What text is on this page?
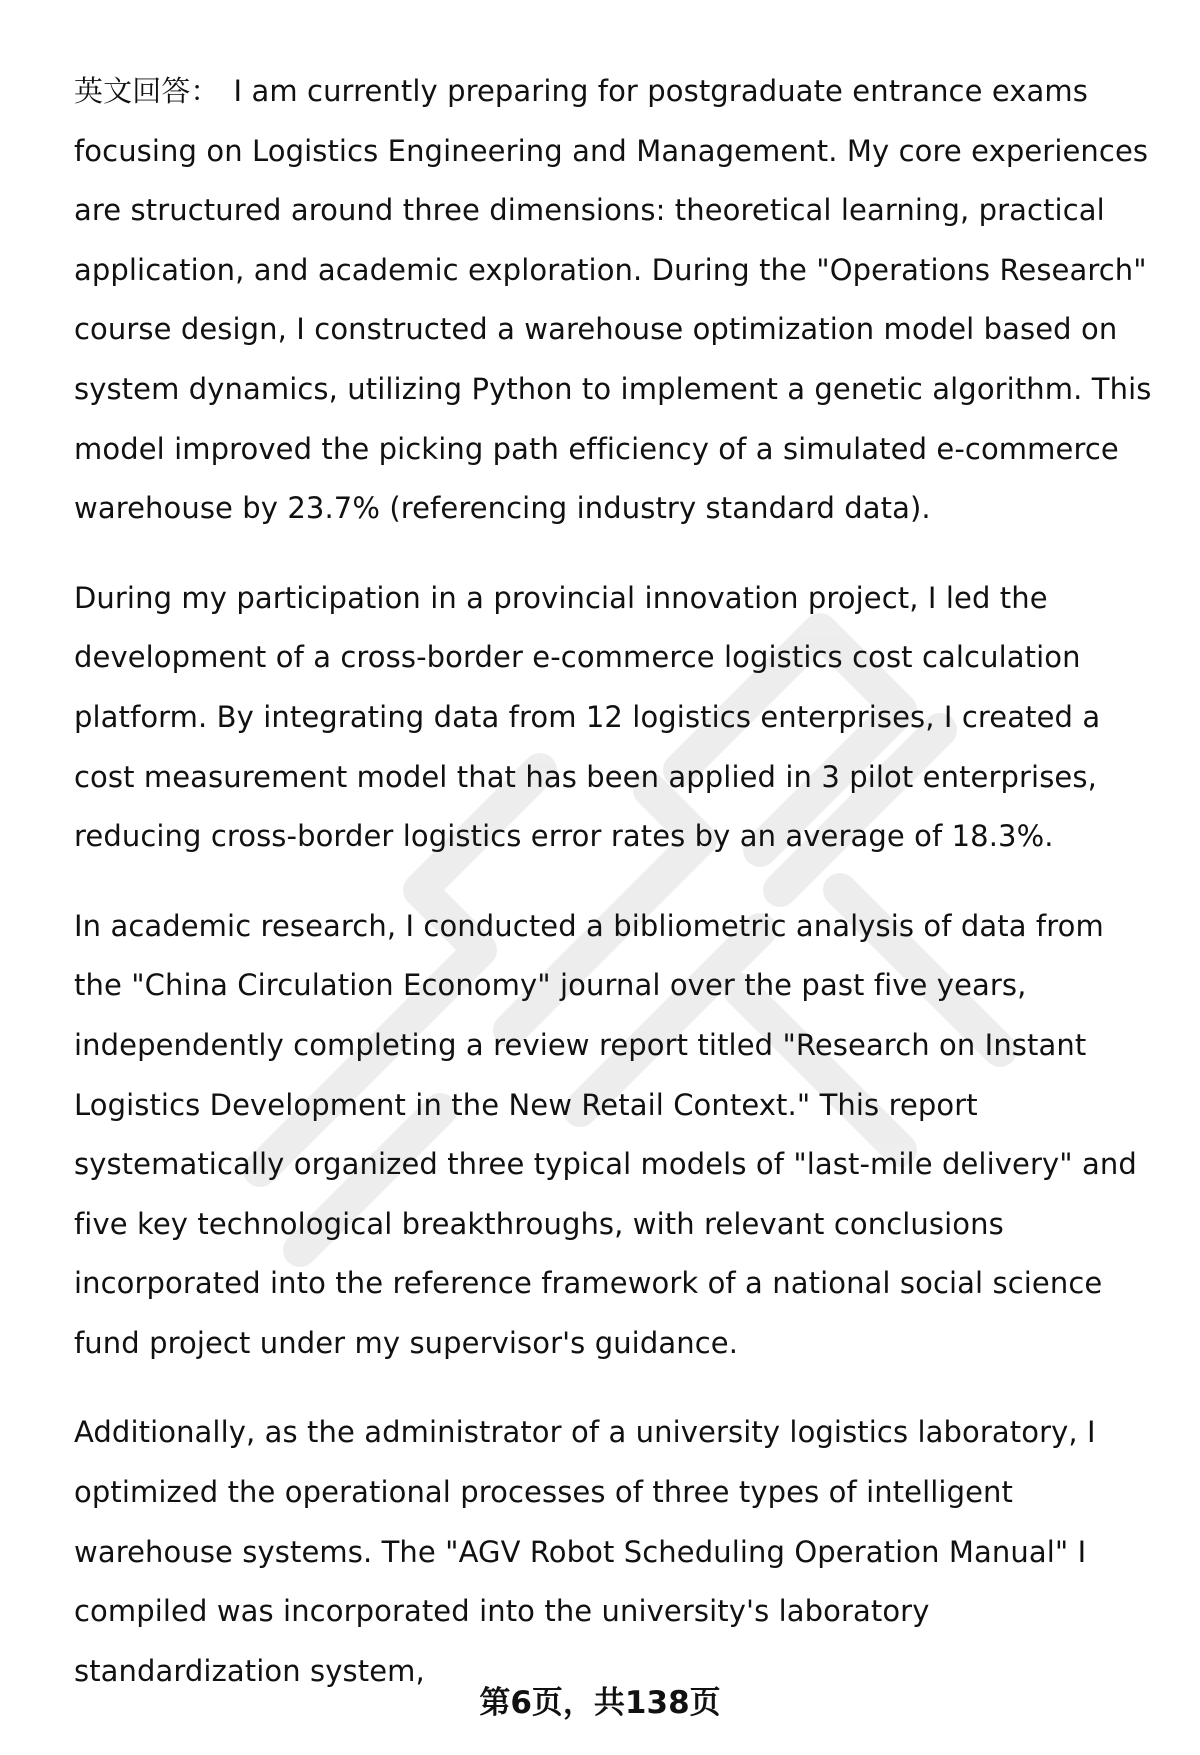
英文回答： I am currently preparing for postgraduate entrance exams focusing on Logistics Engineering and Management. My core experiences are structured around three dimensions: theoretical learning, practical application, and academic exploration. During the "Operations Research" course design, I constructed a warehouse optimization model based on system dynamics, utilizing Python to implement a genetic algorithm. This model improved the picking path efficiency of a simulated e-commerce warehouse by 23.7% (referencing industry standard data).

During my participation in a provincial innovation project, I led the development of a cross-border e-commerce logistics cost calculation platform. By integrating data from 12 logistics enterprises, I created a cost measurement model that has been applied in 3 pilot enterprises, reducing cross-border logistics error rates by an average of 18.3%.

In academic research, I conducted a bibliometric analysis of data from the "China Circulation Economy" journal over the past five years, independently completing a review report titled "Research on Instant Logistics Development in the New Retail Context." This report systematically organized three typical models of "last-mile delivery" and five key technological breakthroughs, with relevant conclusions incorporated into the reference framework of a national social science fund project under my supervisor's guidance.

Additionally, as the administrator of a university logistics laboratory, I optimized the operational processes of three types of intelligent warehouse systems. The "AGV Robot Scheduling Operation Manual" I compiled was incorporated into the university's laboratory standardization system,

第6页，共138页
